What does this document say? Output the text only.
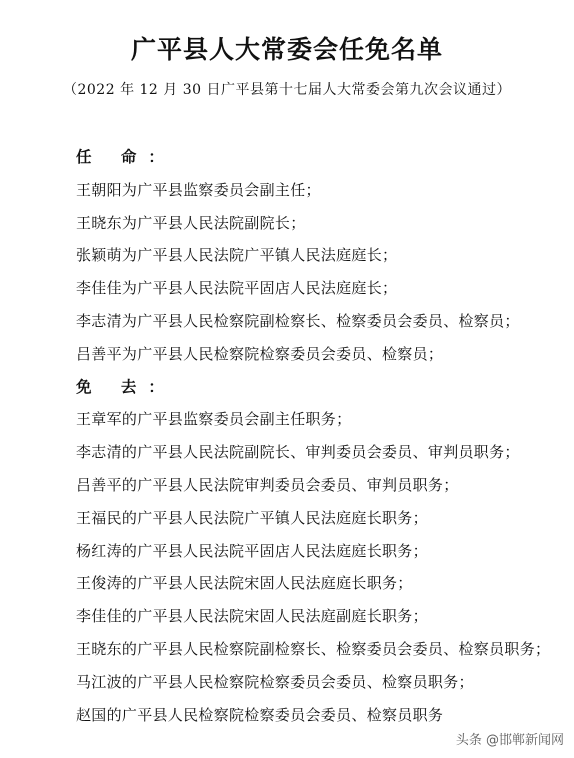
广平县人大常委会任免名单
（2022 年 12 月 30 日广平县第十七届人大常委会第九次会议通过）
任 命：
王朝阳为广平县监察委员会副主任；
王晓东为广平县人民法院副院长；
张颖萌为广平县人民法院广平镇人民法庭庭长；
李佳佳为广平县人民法院平固店人民法庭庭长；
李志清为广平县人民检察院副检察长、检察委员会委员、检察员；
吕善平为广平县人民检察院检察委员会委员、检察员；
免 去：
王章军的广平县监察委员会副主任职务；
李志清的广平县人民法院副院长、审判委员会委员、审判员职务；
吕善平的广平县人民法院审判委员会委员、审判员职务；
王福民的广平县人民法院广平镇人民法庭庭长职务；
杨红涛的广平县人民法院平固店人民法庭庭长职务；
王俊涛的广平县人民法院宋固人民法庭庭长职务；
李佳佳的广平县人民法院宋固人民法庭副庭长职务；
王晓东的广平县人民检察院副检察长、检察委员会委员、检察员职务；
马江波的广平县人民检察院检察委员会委员、检察员职务；
赵国的广平县人民检察院检察委员会委员、检察员职务
头条 @邯郸新闻网
